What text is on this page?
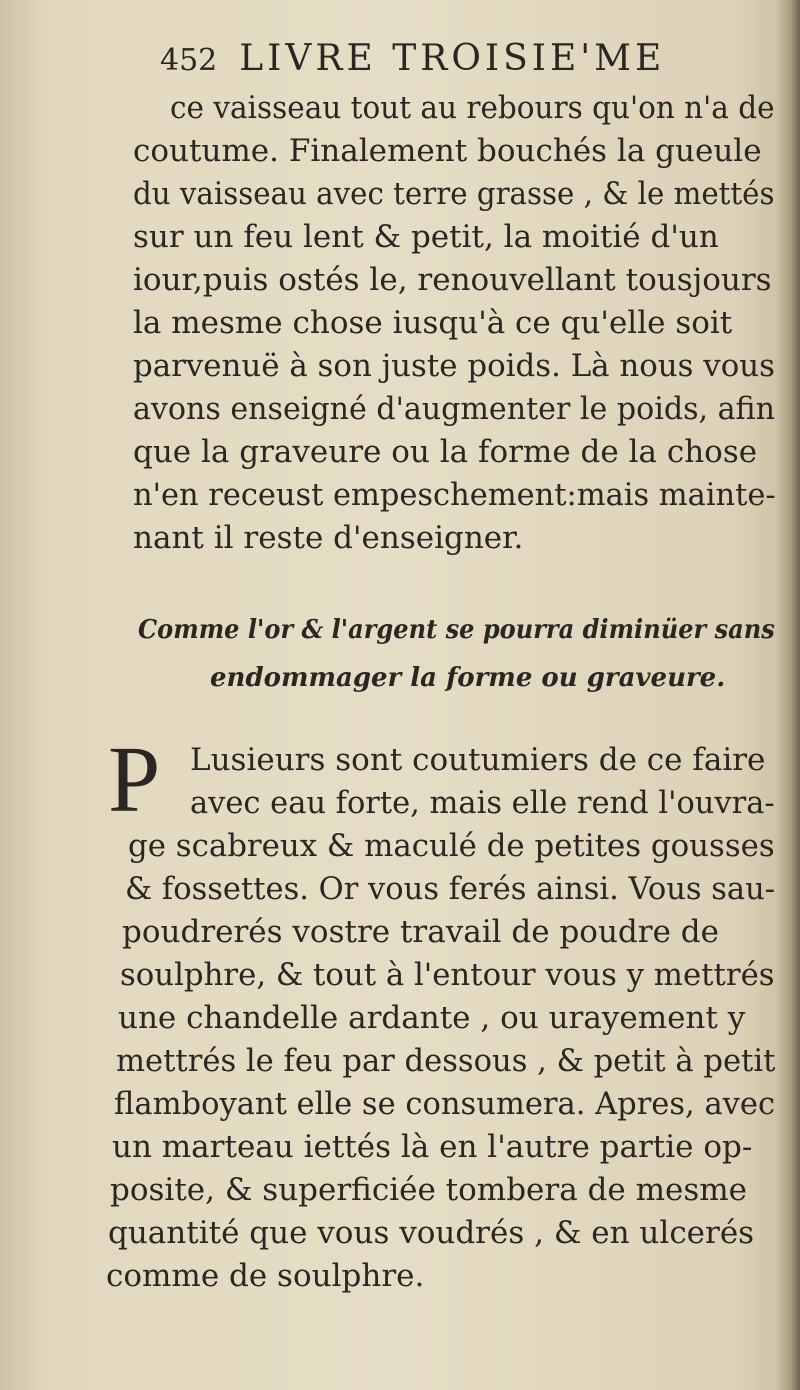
452 LIVRE TROISIE'ME
ce vaisseau tout au rebours qu'on n'a de
coutume. Finalement bouchés la gueule
du vaisseau avec terre grasse , & le mettés
sur un feu lent & petit, la moitié d'un
iour,puis ostés le, renouvellant tousjours
la mesme chose iusqu'à ce qu'elle soit
parvenuë à son juste poids. Là nous vous
avons enseigné d'augmenter le poids, afin
que la graveure ou la forme de la chose
n'en receust empeschement:mais mainte-
nant il reste d'enseigner.
Comme l'or & l'argent se pourra diminüer sans
endommager la forme ou graveure.
P Lusieurs sont coutumiers de ce faire
avec eau forte, mais elle rend l'ouvra-
ge scabreux & maculé de petites gousses
& fossettes. Or vous ferés ainsi. Vous sau-
poudrerés vostre travail de poudre de
soulphre, & tout à l'entour vous y mettrés
une chandelle ardante , ou urayement y
mettrés le feu par dessous , & petit à petit
flamboyant elle se consumera. Apres, avec
un marteau iettés là en l'autre partie op-
posite, & superficiée tombera de mesme
quantité que vous voudrés , & en ulcerés
comme de soulphre.
